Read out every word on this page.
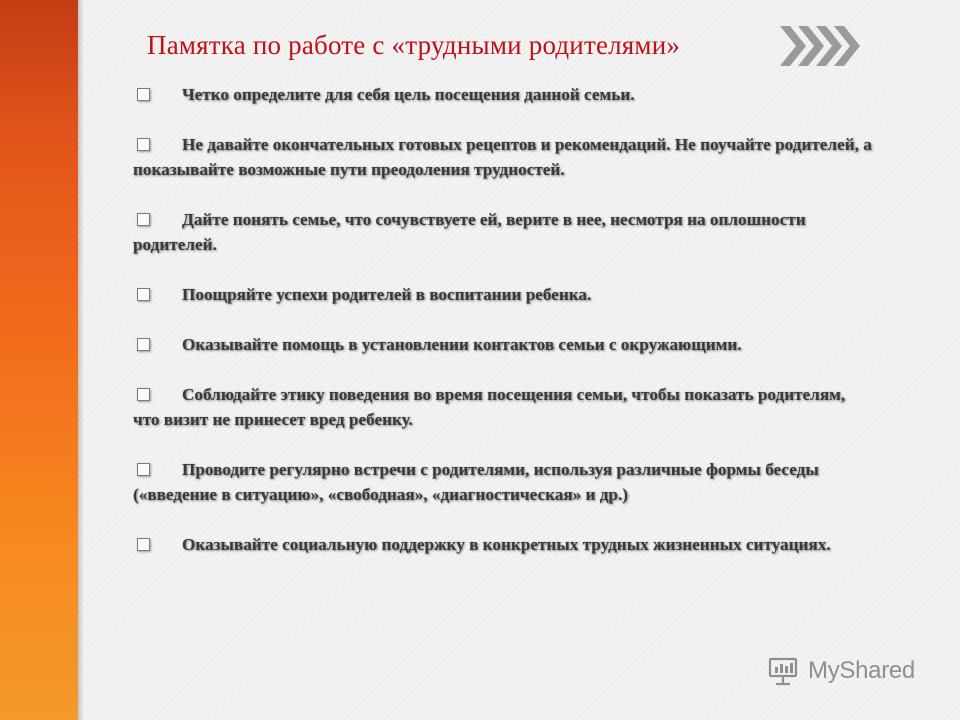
Памятка по работе с «трудными родителями»
Четко определите для себя цель посещения данной семьи.
Не давайте окончательных готовых рецептов и рекомендаций. Не поучайте родителей, а показывайте возможные пути преодоления трудностей.
Дайте понять семье, что сочувствуете ей, верите в нее, несмотря на оплошности родителей.
Поощряйте успехи родителей в воспитании ребенка.
Оказывайте помощь в установлении контактов семьи с окружающими.
Соблюдайте этику поведения во время посещения семьи, чтобы показать родителям, что визит не принесет вред ребенку.
Проводите регулярно встречи с родителями, используя различные формы беседы («введение в ситуацию», «свободная», «диагностическая» и др.)
Оказывайте социальную поддержку в конкретных трудных жизненных ситуациях.
MyShared
